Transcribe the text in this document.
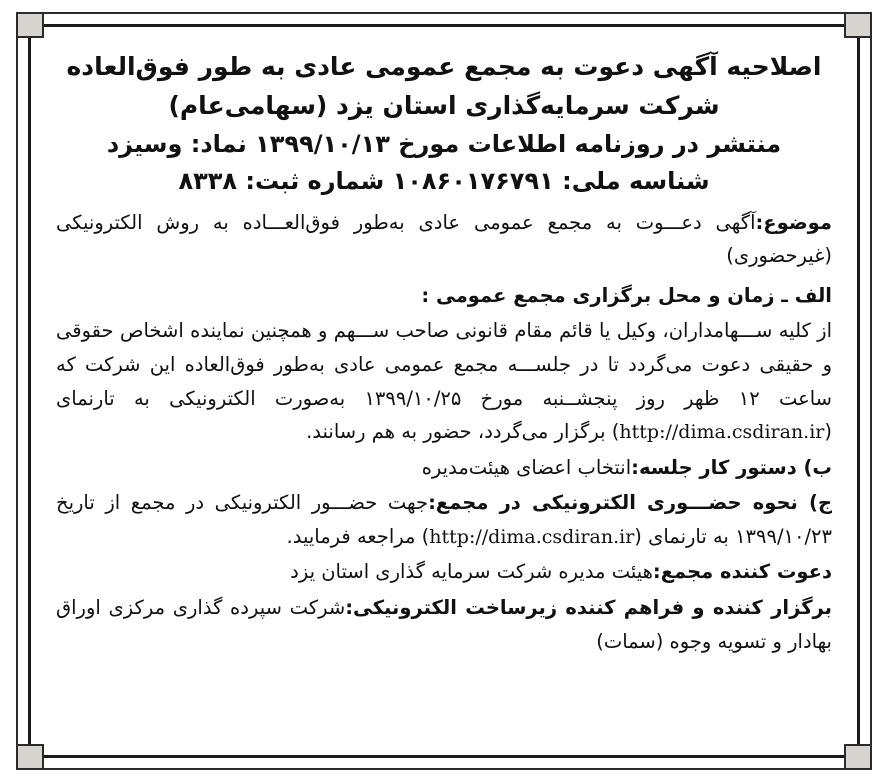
اصلاحیه آگهی دعوت به مجمع عمومی عادی به طور فوق‌العاده
شرکت سرمایه‌گذاری استان یزد (سهامی‌عام)
منتشر در روزنامه اطلاعات مورخ ۱۳۹۹/۱۰/۱۳ نماد: وسیزد
شناسه ملی: ۱۰۸۶۰۱۷۶۷۹۱ شماره ثبت: ۸۳۳۸

موضوع:آگهی دعـــوت به مجمع عمومی عادی به‌طور فوق‌العـــاده به روش الکترونیکی (غیرحضوری)

الف ـ زمان و محل برگزاری مجمع عمومی :

از کلیه ســـهامداران، وکیل یا قائم مقام قانونی صاحب ســـهم و همچنین نماینده اشخاص حقوقی و حقیقی دعوت می‌گردد تا در جلســـه مجمع عمومی عادی به‌طور فوق‌العاده این شرکت که ساعت ۱۲ ظهر روز پنجشــنبه مورخ ۱۳۹۹/۱۰/۲۵ به‌صورت الکترونیکی به تارنمای (http://dima.csdiran.ir) برگزار می‌گردد، حضور به هم رسانند.

ب) دستور کار جلسه:انتخاب اعضای هیئت‌مدیره

ج) نحوه حضـــوری الکترونیکی در مجمع:جهت حضـــور الکترونیکی در مجمع از تاریخ ۱۳۹۹/۱۰/۲۳ به تارنمای (http://dima.csdiran.ir) مراجعه فرمایید.

دعوت کننده مجمع:هیئت مدیره شرکت سرمایه گذاری استان یزد

برگزار کننده و فراهم کننده زیرساخت الکترونیکی:شرکت سپرده گذاری مرکزی اوراق بهادار و تسویه وجوه (سمات)
